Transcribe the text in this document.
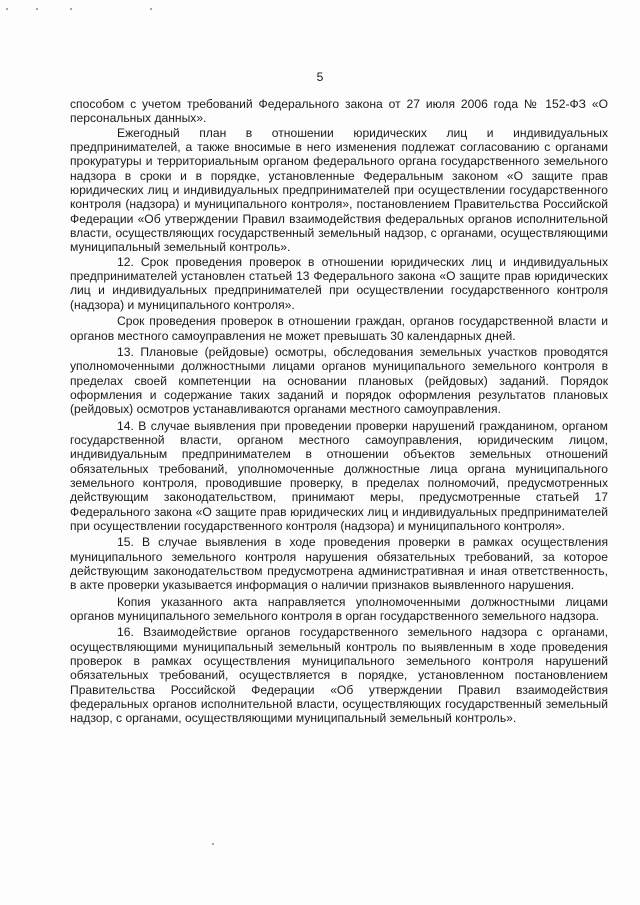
5

способом с учетом требований Федерального закона от 27 июля 2006 года № 152-ФЗ «О персональных данных».

Ежегодный план в отношении юридических лиц и индивидуальных предпринимателей, а также вносимые в него изменения подлежат согласованию с органами прокуратуры и территориальным органом федерального органа государственного земельного надзора в сроки и в порядке, установленные Федеральным законом «О защите прав юридических лиц и индивидуальных предпринимателей при осуществлении государственного контроля (надзора) и муниципального контроля», постановлением Правительства Российской Федерации «Об утверждении Правил взаимодействия федеральных органов исполнительной власти, осуществляющих государственный земельный надзор, с органами, осуществляющими муниципальный земельный контроль».

12. Срок проведения проверок в отношении юридических лиц и индивидуальных предпринимателей установлен статьей 13 Федерального закона «О защите прав юридических лиц и индивидуальных предпринимателей при осуществлении государственного контроля (надзора) и муниципального контроля».

Срок проведения проверок в отношении граждан, органов государственной власти и органов местного самоуправления не может превышать 30 календарных дней.

13. Плановые (рейдовые) осмотры, обследования земельных участков проводятся уполномоченными должностными лицами органов муниципального земельного контроля в пределах своей компетенции на основании плановых (рейдовых) заданий. Порядок оформления и содержание таких заданий и порядок оформления результатов плановых (рейдовых) осмотров устанавливаются органами местного самоуправления.

14. В случае выявления при проведении проверки нарушений гражданином, органом государственной власти, органом местного самоуправления, юридическим лицом, индивидуальным предпринимателем в отношении объектов земельных отношений обязательных требований, уполномоченные должностные лица органа муниципального земельного контроля, проводившие проверку, в пределах полномочий, предусмотренных действующим законодательством, принимают меры, предусмотренные статьей 17 Федерального закона «О защите прав юридических лиц и индивидуальных предпринимателей при осуществлении государственного контроля (надзора) и муниципального контроля».

15. В случае выявления в ходе проведения проверки в рамках осуществления муниципального земельного контроля нарушения обязательных требований, за которое действующим законодательством предусмотрена административная и иная ответственность, в акте проверки указывается информация о наличии признаков выявленного нарушения.

Копия указанного акта направляется уполномоченными должностными лицами органов муниципального земельного контроля в орган государственного земельного надзора.

16. Взаимодействие органов государственного земельного надзора с органами, осуществляющими муниципальный земельный контроль по выявленным в ходе проведения проверок в рамках осуществления муниципального земельного контроля нарушений обязательных требований, осуществляется в порядке, установленном постановлением Правительства Российской Федерации «Об утверждении Правил взаимодействия федеральных органов исполнительной власти, осуществляющих государственный земельный надзор, с органами, осуществляющими муниципальный земельный контроль».
